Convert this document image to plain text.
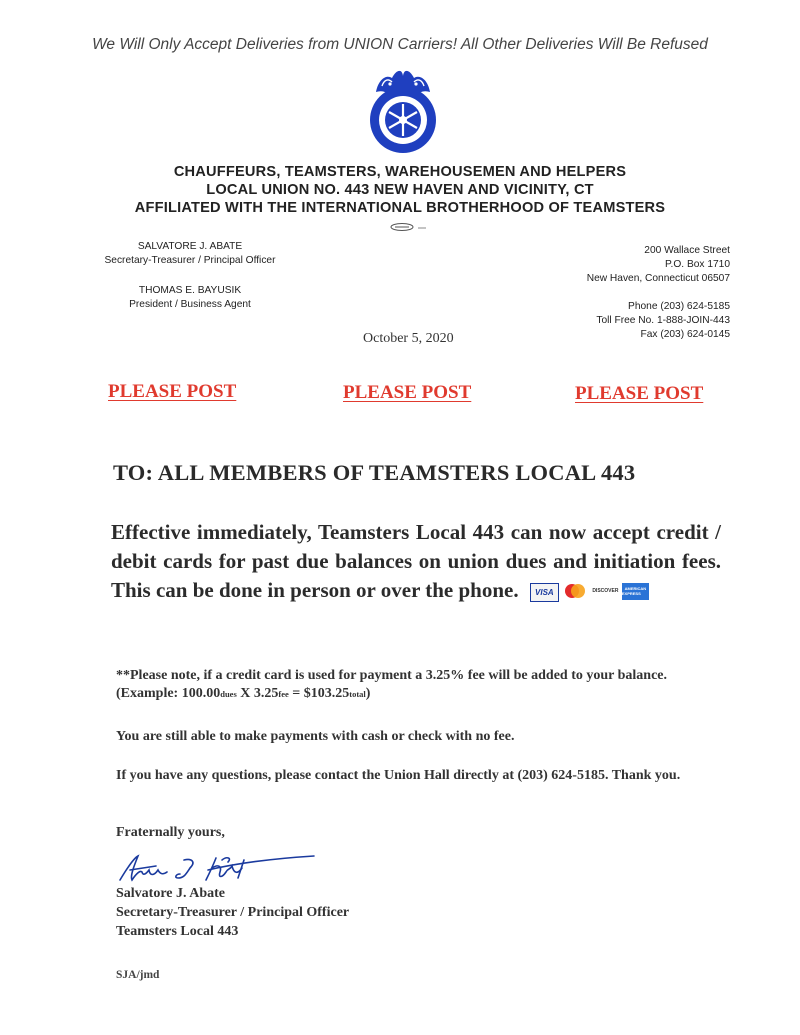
We Will Only Accept Deliveries from UNION Carriers! All Other Deliveries Will Be Refused
CHAUFFEURS, TEAMSTERS, WAREHOUSEMEN AND HELPERS
LOCAL UNION NO. 443 NEW HAVEN AND VICINITY, CT
AFFILIATED WITH THE INTERNATIONAL BROTHERHOOD OF TEAMSTERS
SALVATORE J. ABATE
Secretary-Treasurer / Principal Officer
THOMAS E. BAYUSIK
President / Business Agent
200 Wallace Street
P.O. Box 1710
New Haven, Connecticut 06507
Phone (203) 624-5185
Toll Free No. 1-888-JOIN-443
Fax (203) 624-0145
October 5, 2020
PLEASE POST	PLEASE POST	PLEASE POST
TO: ALL MEMBERS OF TEAMSTERS LOCAL 443
Effective immediately, Teamsters Local 443 can now accept credit / debit cards for past due balances on union dues and initiation fees. This can be done in person or over the phone.	VISA	DISCOVER	AMERICAN EXPRESS
**Please note, if a credit card is used for payment a 3.25% fee will be added to your balance. (Example: 100.00dues X 3.25fee = $103.25total)
You are still able to make payments with cash or check with no fee.
If you have any questions, please contact the Union Hall directly at (203) 624-5185. Thank you.
Fraternally yours,
Salvatore J. Abate
Secretary-Treasurer / Principal Officer
Teamsters Local 443
SJA/jmd
